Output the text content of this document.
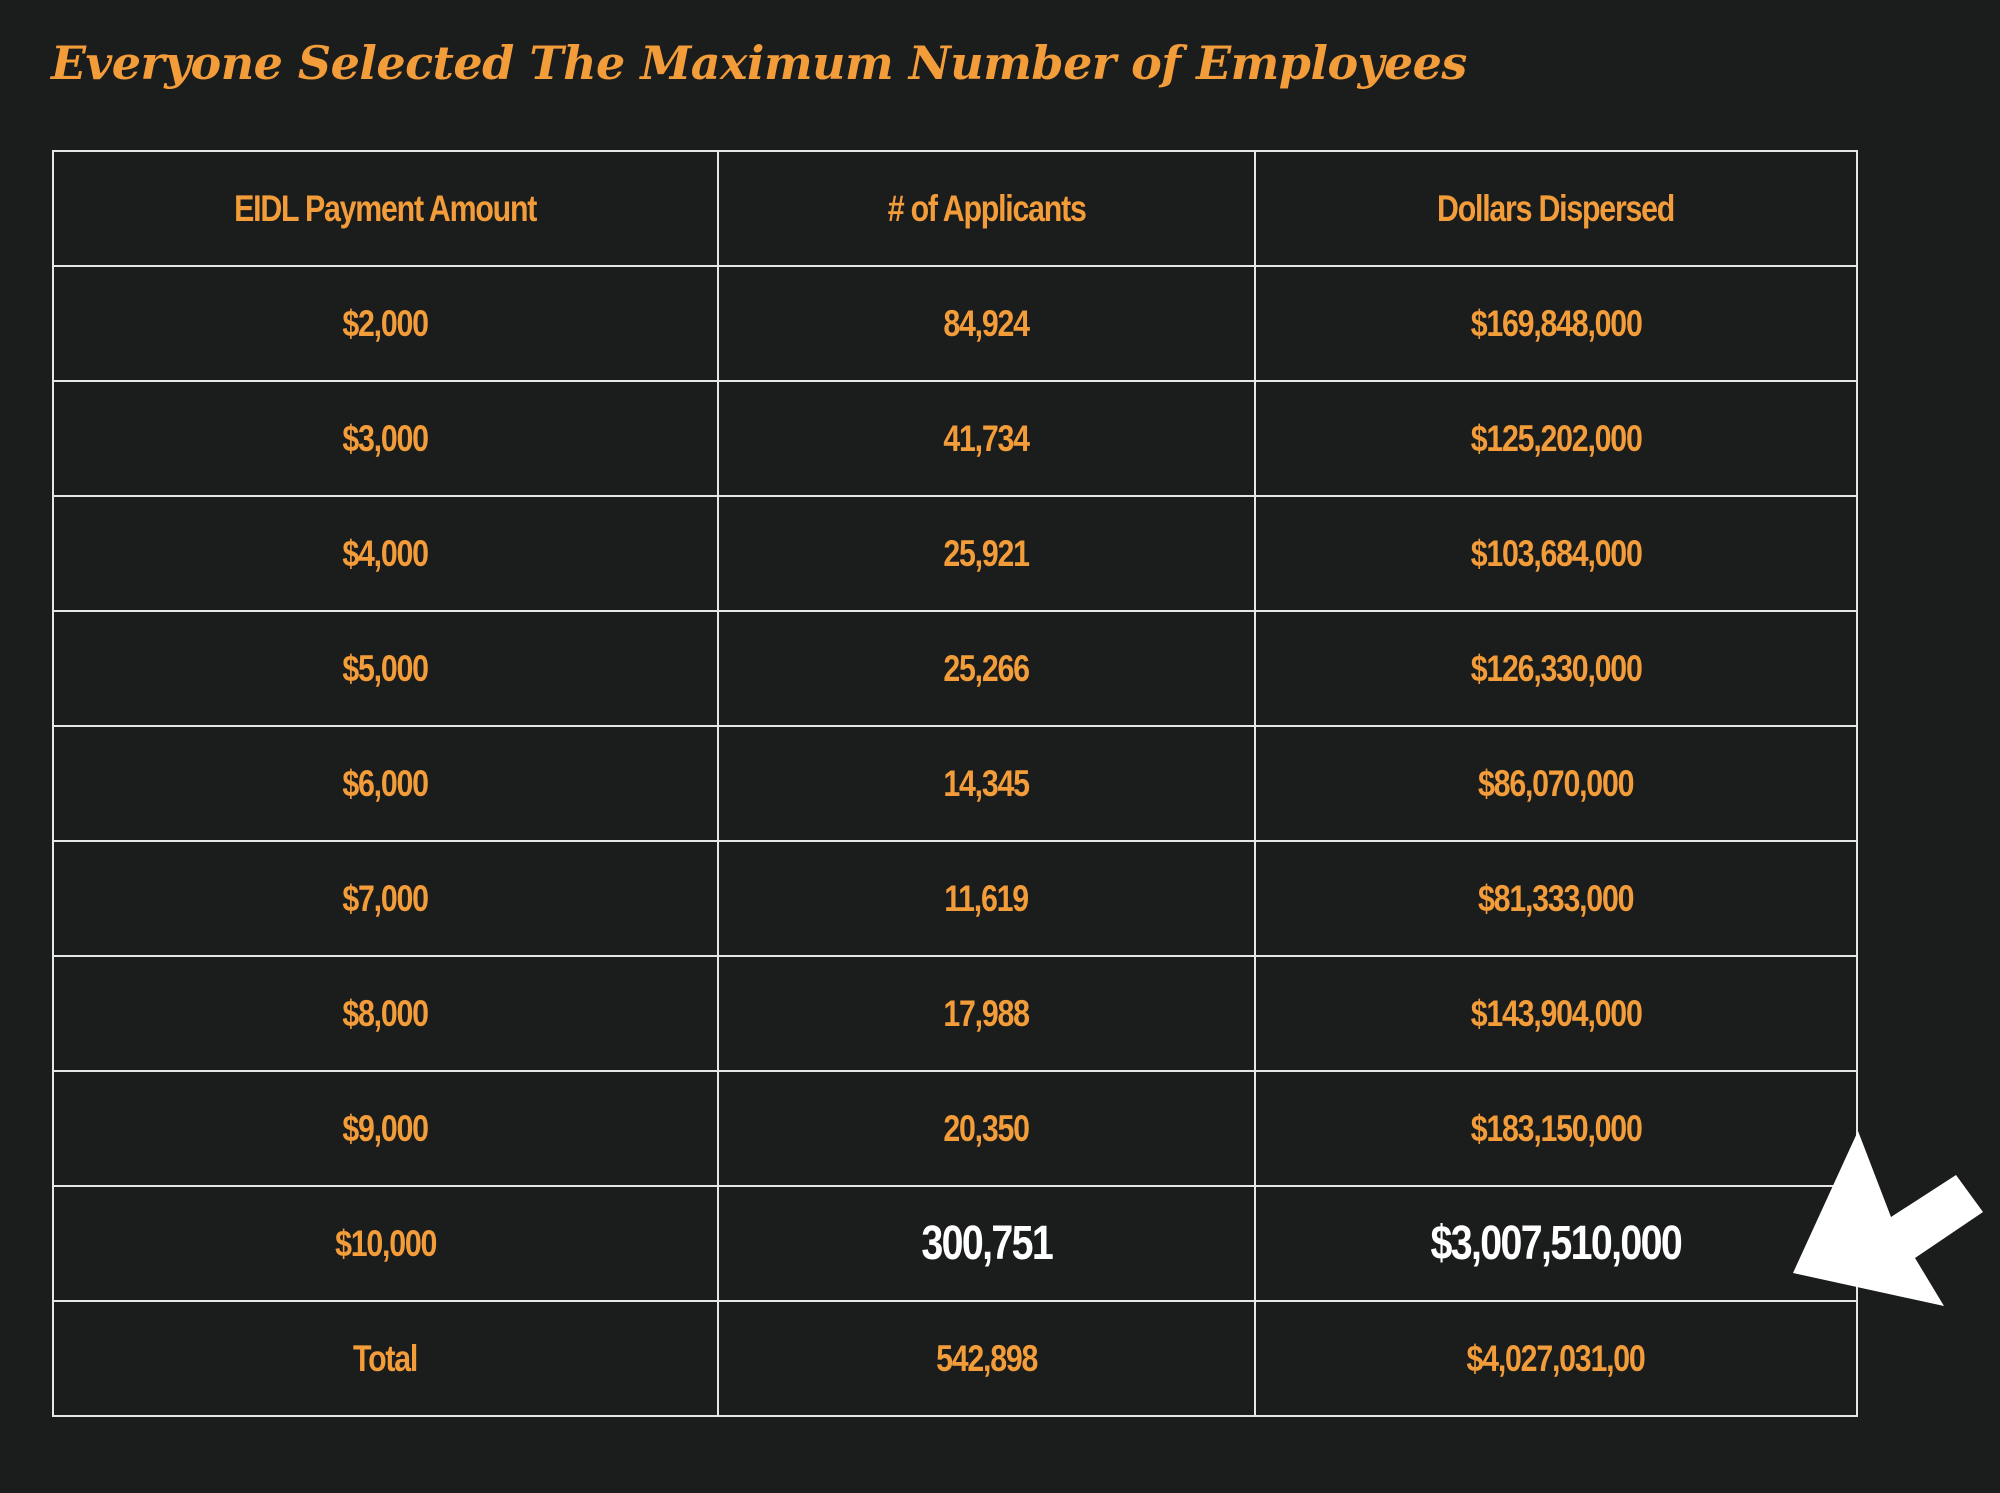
Everyone Selected The Maximum Number of Employees
EIDL Payment Amount	# of Applicants	Dollars Dispersed
$2,000	84,924	$169,848,000
$3,000	41,734	$125,202,000
$4,000	25,921	$103,684,000
$5,000	25,266	$126,330,000
$6,000	14,345	$86,070,000
$7,000	11,619	$81,333,000
$8,000	17,988	$143,904,000
$9,000	20,350	$183,150,000
$10,000	300,751	$3,007,510,000
Total	542,898	$4,027,031,00
